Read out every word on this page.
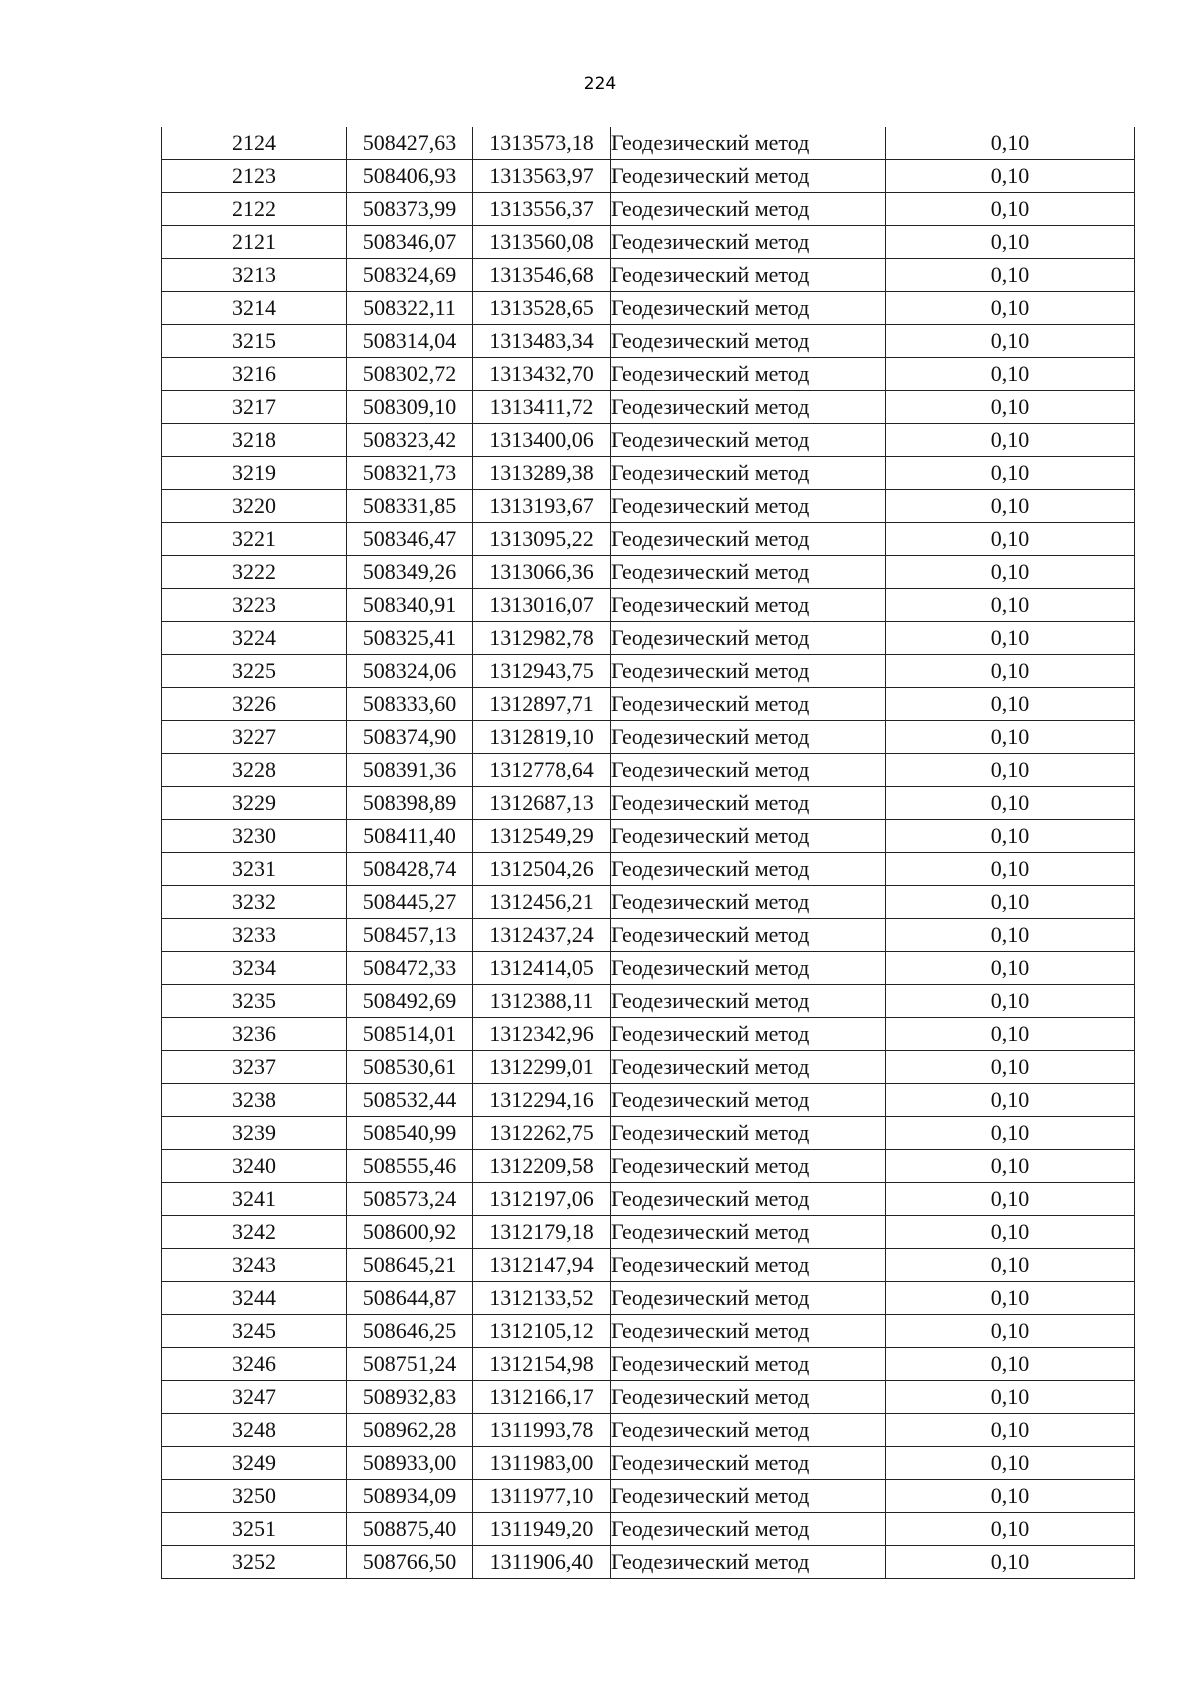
224
2124	508427,63	1313573,18	Геодезический метод	0,10
2123	508406,93	1313563,97	Геодезический метод	0,10
2122	508373,99	1313556,37	Геодезический метод	0,10
2121	508346,07	1313560,08	Геодезический метод	0,10
3213	508324,69	1313546,68	Геодезический метод	0,10
3214	508322,11	1313528,65	Геодезический метод	0,10
3215	508314,04	1313483,34	Геодезический метод	0,10
3216	508302,72	1313432,70	Геодезический метод	0,10
3217	508309,10	1313411,72	Геодезический метод	0,10
3218	508323,42	1313400,06	Геодезический метод	0,10
3219	508321,73	1313289,38	Геодезический метод	0,10
3220	508331,85	1313193,67	Геодезический метод	0,10
3221	508346,47	1313095,22	Геодезический метод	0,10
3222	508349,26	1313066,36	Геодезический метод	0,10
3223	508340,91	1313016,07	Геодезический метод	0,10
3224	508325,41	1312982,78	Геодезический метод	0,10
3225	508324,06	1312943,75	Геодезический метод	0,10
3226	508333,60	1312897,71	Геодезический метод	0,10
3227	508374,90	1312819,10	Геодезический метод	0,10
3228	508391,36	1312778,64	Геодезический метод	0,10
3229	508398,89	1312687,13	Геодезический метод	0,10
3230	508411,40	1312549,29	Геодезический метод	0,10
3231	508428,74	1312504,26	Геодезический метод	0,10
3232	508445,27	1312456,21	Геодезический метод	0,10
3233	508457,13	1312437,24	Геодезический метод	0,10
3234	508472,33	1312414,05	Геодезический метод	0,10
3235	508492,69	1312388,11	Геодезический метод	0,10
3236	508514,01	1312342,96	Геодезический метод	0,10
3237	508530,61	1312299,01	Геодезический метод	0,10
3238	508532,44	1312294,16	Геодезический метод	0,10
3239	508540,99	1312262,75	Геодезический метод	0,10
3240	508555,46	1312209,58	Геодезический метод	0,10
3241	508573,24	1312197,06	Геодезический метод	0,10
3242	508600,92	1312179,18	Геодезический метод	0,10
3243	508645,21	1312147,94	Геодезический метод	0,10
3244	508644,87	1312133,52	Геодезический метод	0,10
3245	508646,25	1312105,12	Геодезический метод	0,10
3246	508751,24	1312154,98	Геодезический метод	0,10
3247	508932,83	1312166,17	Геодезический метод	0,10
3248	508962,28	1311993,78	Геодезический метод	0,10
3249	508933,00	1311983,00	Геодезический метод	0,10
3250	508934,09	1311977,10	Геодезический метод	0,10
3251	508875,40	1311949,20	Геодезический метод	0,10
3252	508766,50	1311906,40	Геодезический метод	0,10
